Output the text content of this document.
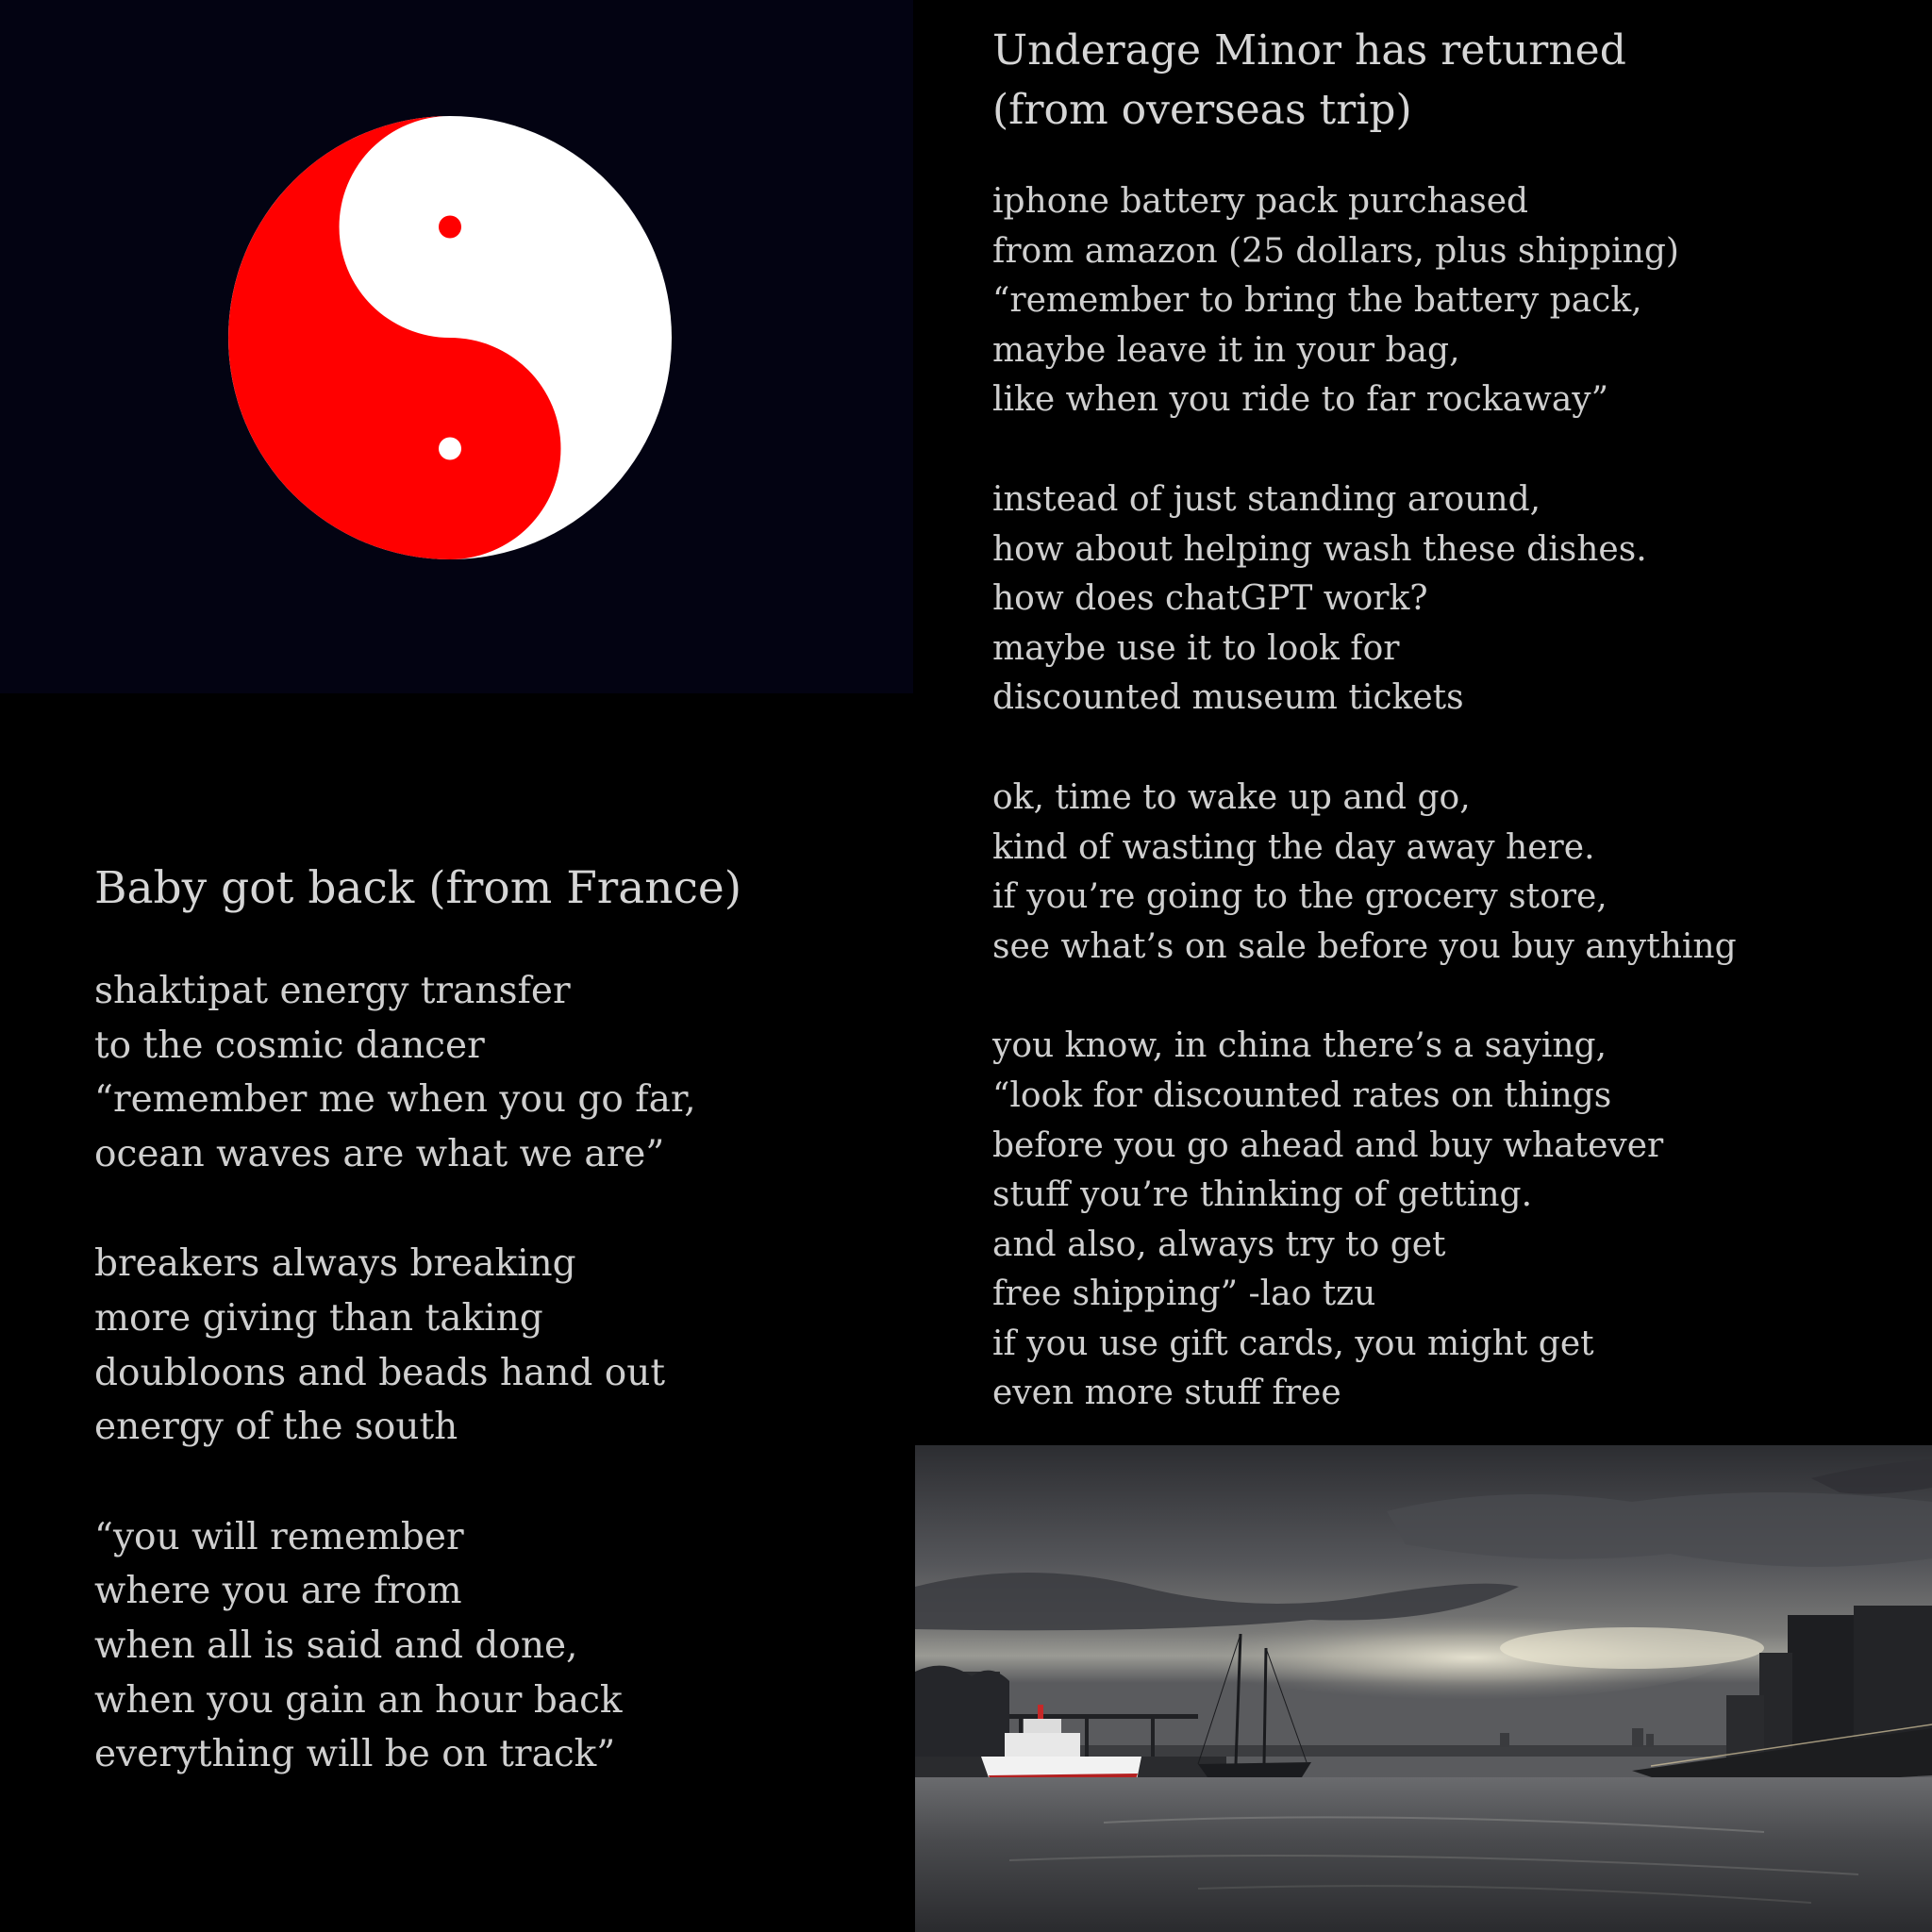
Underage Minor has returned
(from overseas trip)
iphone battery pack purchased
from amazon (25 dollars, plus shipping)
“remember to bring the battery pack,
maybe leave it in your bag,
like when you ride to far rockaway”
instead of just standing around,
how about helping wash these dishes.
how does chatGPT work?
maybe use it to look for
discounted museum tickets
ok, time to wake up and go,
kind of wasting the day away here.
if you’re going to the grocery store,
see what’s on sale before you buy anything
you know, in china there’s a saying,
“look for discounted rates on things
before you go ahead and buy whatever
stuff you’re thinking of getting.
and also, always try to get
free shipping” -lao tzu
if you use gift cards, you might get
even more stuff free
Baby got back (from France)
shaktipat energy transfer
to the cosmic dancer
“remember me when you go far,
ocean waves are what we are”
breakers always breaking
more giving than taking
doubloons and beads hand out
energy of the south
“you will remember
where you are from
when all is said and done,
when you gain an hour back
everything will be on track”
